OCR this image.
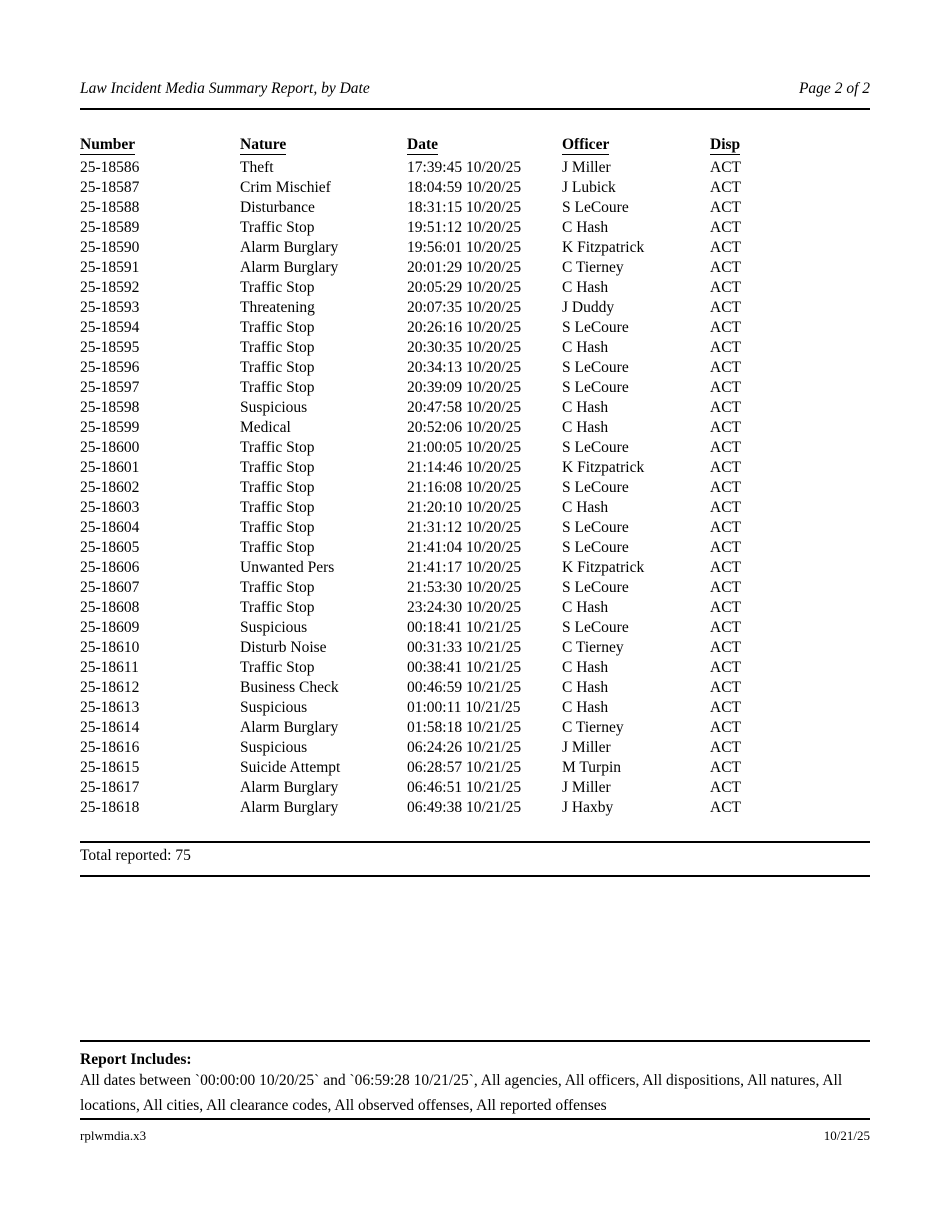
Law Incident Media Summary Report, by Date	Page 2 of 2
Number	Nature	Date	Officer	Disp
25-18586	Theft	17:39:45 10/20/25	J Miller	ACT
25-18587	Crim Mischief	18:04:59 10/20/25	J Lubick	ACT
25-18588	Disturbance	18:31:15 10/20/25	S LeCoure	ACT
25-18589	Traffic Stop	19:51:12 10/20/25	C Hash	ACT
25-18590	Alarm Burglary	19:56:01 10/20/25	K Fitzpatrick	ACT
25-18591	Alarm Burglary	20:01:29 10/20/25	C Tierney	ACT
25-18592	Traffic Stop	20:05:29 10/20/25	C Hash	ACT
25-18593	Threatening	20:07:35 10/20/25	J Duddy	ACT
25-18594	Traffic Stop	20:26:16 10/20/25	S LeCoure	ACT
25-18595	Traffic Stop	20:30:35 10/20/25	C Hash	ACT
25-18596	Traffic Stop	20:34:13 10/20/25	S LeCoure	ACT
25-18597	Traffic Stop	20:39:09 10/20/25	S LeCoure	ACT
25-18598	Suspicious	20:47:58 10/20/25	C Hash	ACT
25-18599	Medical	20:52:06 10/20/25	C Hash	ACT
25-18600	Traffic Stop	21:00:05 10/20/25	S LeCoure	ACT
25-18601	Traffic Stop	21:14:46 10/20/25	K Fitzpatrick	ACT
25-18602	Traffic Stop	21:16:08 10/20/25	S LeCoure	ACT
25-18603	Traffic Stop	21:20:10 10/20/25	C Hash	ACT
25-18604	Traffic Stop	21:31:12 10/20/25	S LeCoure	ACT
25-18605	Traffic Stop	21:41:04 10/20/25	S LeCoure	ACT
25-18606	Unwanted Pers	21:41:17 10/20/25	K Fitzpatrick	ACT
25-18607	Traffic Stop	21:53:30 10/20/25	S LeCoure	ACT
25-18608	Traffic Stop	23:24:30 10/20/25	C Hash	ACT
25-18609	Suspicious	00:18:41 10/21/25	S LeCoure	ACT
25-18610	Disturb Noise	00:31:33 10/21/25	C Tierney	ACT
25-18611	Traffic Stop	00:38:41 10/21/25	C Hash	ACT
25-18612	Business Check	00:46:59 10/21/25	C Hash	ACT
25-18613	Suspicious	01:00:11 10/21/25	C Hash	ACT
25-18614	Alarm Burglary	01:58:18 10/21/25	C Tierney	ACT
25-18616	Suspicious	06:24:26 10/21/25	J Miller	ACT
25-18615	Suicide Attempt	06:28:57 10/21/25	M Turpin	ACT
25-18617	Alarm Burglary	06:46:51 10/21/25	J Miller	ACT
25-18618	Alarm Burglary	06:49:38 10/21/25	J Haxby	ACT
Total reported: 75
Report Includes:
All dates between `00:00:00 10/20/25` and `06:59:28 10/21/25`, All agencies, All officers, All dispositions, All natures, All
locations, All cities, All clearance codes, All observed offenses, All reported offenses
rplwmdia.x3	10/21/25
